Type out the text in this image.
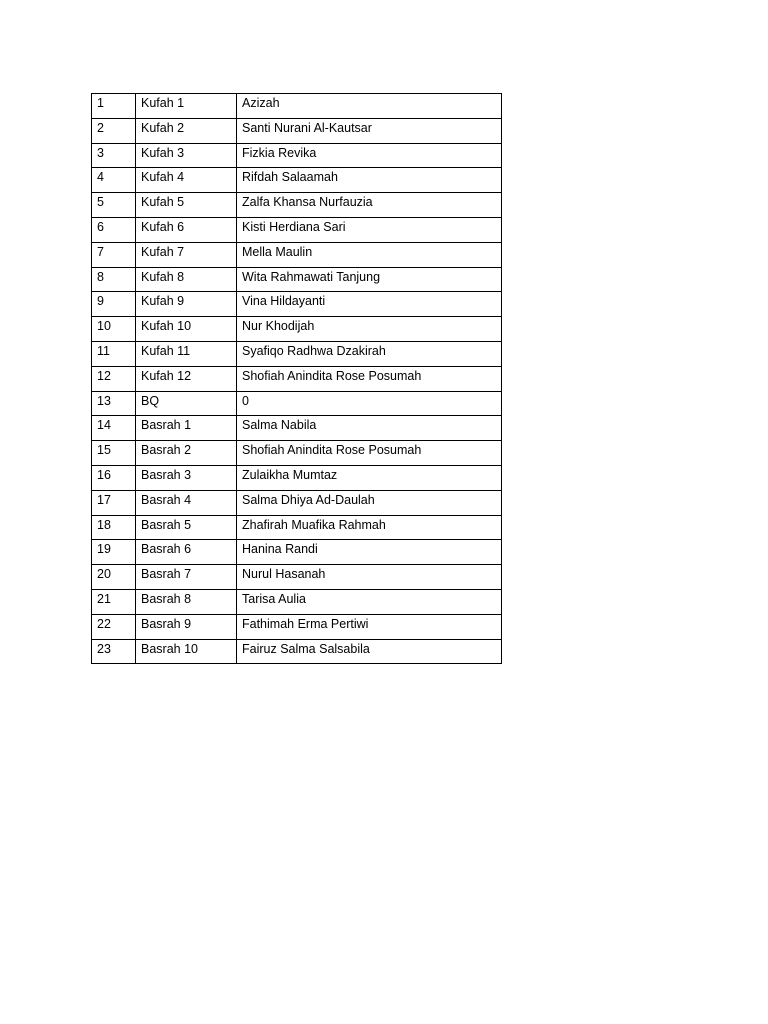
1	Kufah 1	Azizah
2	Kufah 2	Santi Nurani Al-Kautsar
3	Kufah 3	Fizkia Revika
4	Kufah 4	Rifdah Salaamah
5	Kufah 5	Zalfa Khansa Nurfauzia
6	Kufah 6	Kisti Herdiana Sari
7	Kufah 7	Mella Maulin
8	Kufah 8	Wita Rahmawati Tanjung
9	Kufah 9	Vina Hildayanti
10	Kufah 10	Nur Khodijah
11	Kufah 11	Syafiqo Radhwa Dzakirah
12	Kufah 12	Shofiah Anindita Rose Posumah
13	BQ	0
14	Basrah 1	Salma Nabila
15	Basrah 2	Shofiah Anindita Rose Posumah
16	Basrah 3	Zulaikha Mumtaz
17	Basrah 4	Salma Dhiya Ad-Daulah
18	Basrah 5	Zhafirah Muafika Rahmah
19	Basrah 6	Hanina Randi
20	Basrah 7	Nurul Hasanah
21	Basrah 8	Tarisa Aulia
22	Basrah 9	Fathimah Erma Pertiwi
23	Basrah 10	Fairuz Salma Salsabila
